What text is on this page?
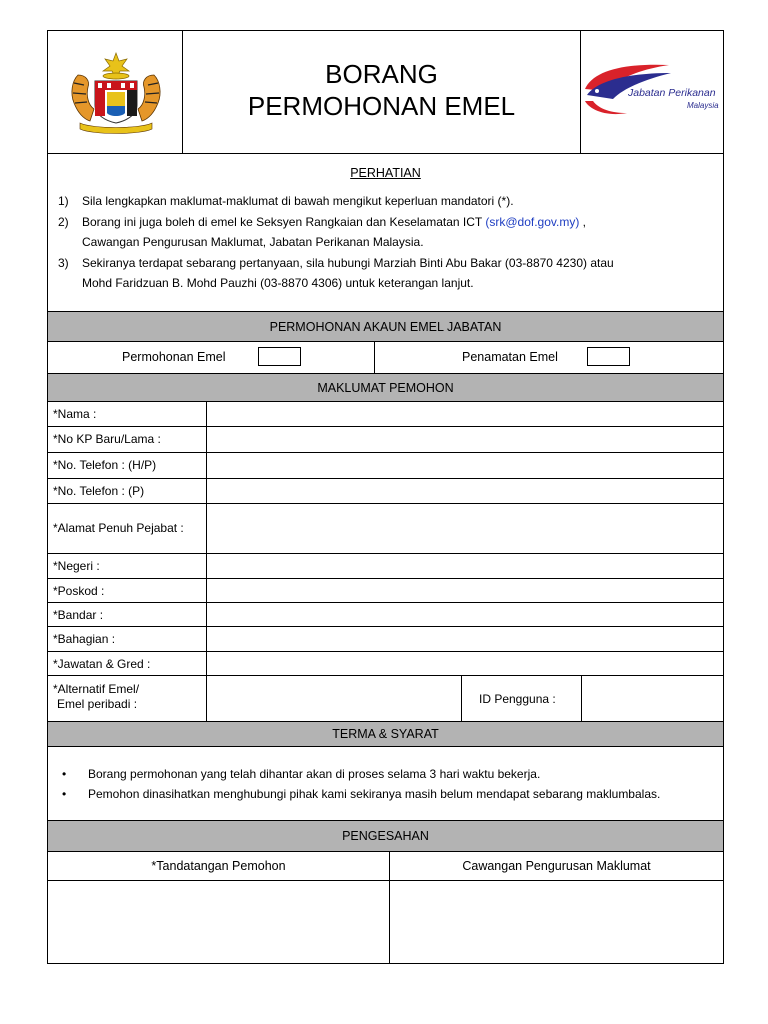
BORANG
PERMOHONAN EMEL	Jabatan Perikanan
Malaysia
PERHATIAN
1) Sila lengkapkan maklumat-maklumat di bawah mengikut keperluan mandatori (*).
2) Borang ini juga boleh di emel ke Seksyen Rangkaian dan Keselamatan ICT (srk@dof.gov.my) ,
Cawangan Pengurusan Maklumat, Jabatan Perikanan Malaysia.
3) Sekiranya terdapat sebarang pertanyaan, sila hubungi Marziah Binti Abu Bakar (03-8870 4230) atau
Mohd Faridzuan B. Mohd Pauzhi (03-8870 4306) untuk keterangan lanjut.
PERMOHONAN AKAUN EMEL JABATAN
Permohonan Emel	Penamatan Emel
MAKLUMAT PEMOHON
*Nama :
*No KP Baru/Lama :
*No. Telefon : (H/P)
*No. Telefon : (P)
*Alamat Penuh Pejabat :
*Negeri :
*Poskod :
*Bandar :
*Bahagian :
*Jawatan & Gred :
*Alternatif Emel/
Emel peribadi :	ID Pengguna :
TERMA & SYARAT
• Borang permohonan yang telah dihantar akan di proses selama 3 hari waktu bekerja.
• Pemohon dinasihatkan menghubungi pihak kami sekiranya masih belum mendapat sebarang maklumbalas.
PENGESAHAN
*Tandatangan Pemohon	Cawangan Pengurusan Maklumat
